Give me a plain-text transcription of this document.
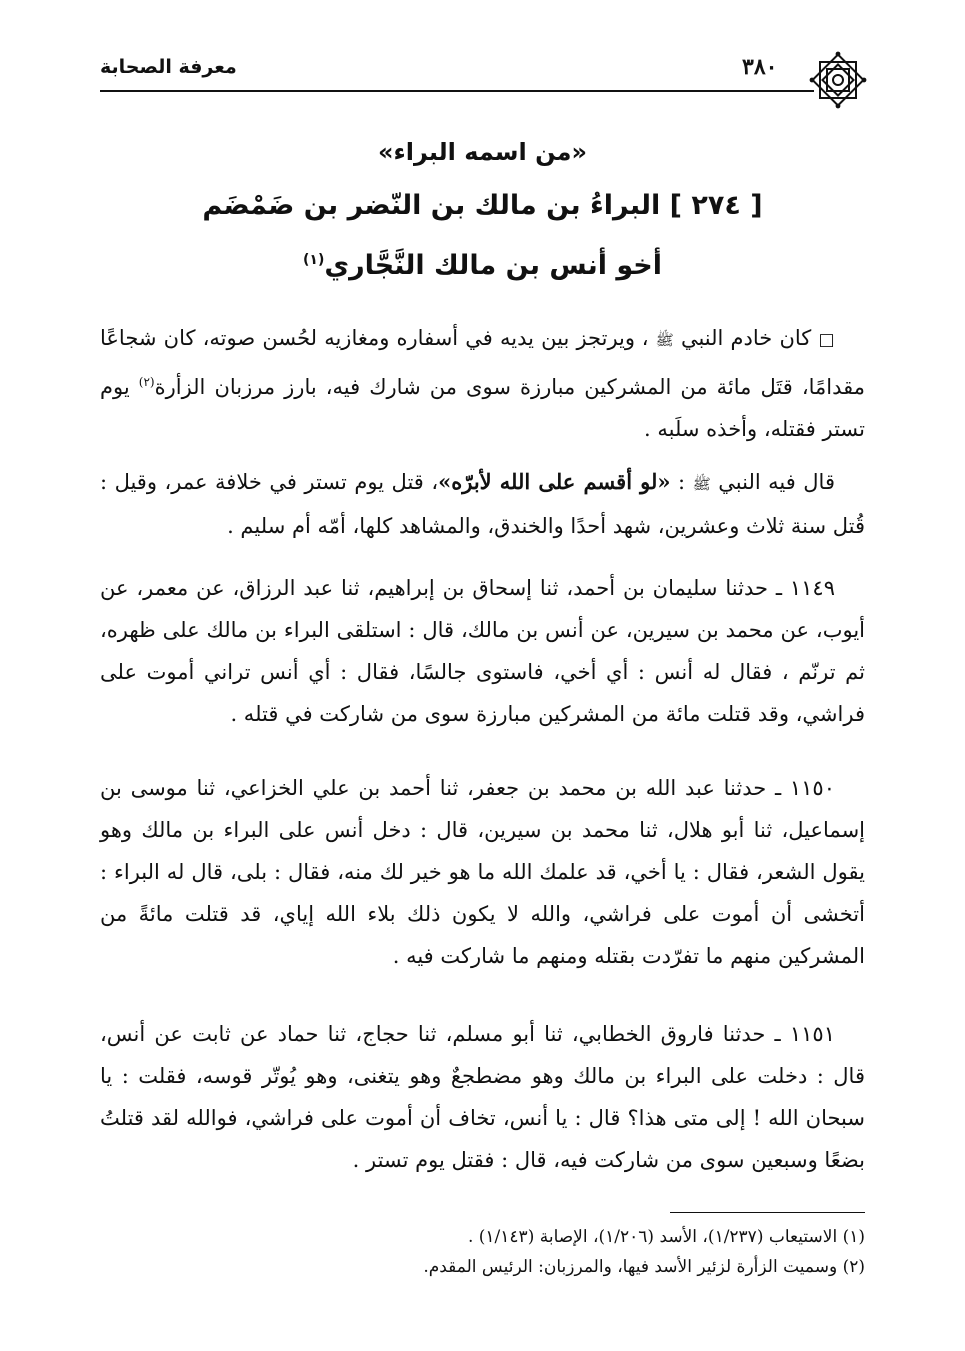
معرفة الصحابة	٣٨٠
«من اسمه البراء»
[ ٢٧٤ ] البراءُ بن مالك بن النّضر بن ضَمْضَم
أخو أنس بن مالك النَّجَّاري$^{(١)}$

□ كان خادم النبي ﷺ ، ويرتجز بين يديه في أسفاره ومغازيه لحُسن صوته، كان شجاعًا مقدامًا، قتَل مائة من المشركين مبارزة سوى من شارك فيه، بارز مرزبان الزأرة$^{(٢)}$ يوم تستر فقتله، وأخذه سلَبه .

قال فيه النبي ﷺ : «لو أقسم على الله لأبرّه»، قتل يوم تستر في خلافة عمر، وقيل : قُتل سنة ثلاث وعشرين، شهد أحدًا والخندق، والمشاهد كلها، أمّه أم سليم .

١١٤٩ ـ حدثنا سليمان بن أحمد، ثنا إسحاق بن إبراهيم، ثنا عبد الرزاق، عن معمر، عن أيوب، عن محمد بن سيرين، عن أنس بن مالك، قال : استلقى البراء بن مالك على ظهره، ثم ترنّم ، فقال له أنس : أي أخي، فاستوى جالسًا، فقال : أي أنس تراني أموت على فراشي، وقد قتلت مائة من المشركين مبارزة سوى من شاركت في قتله .

١١٥٠ ـ حدثنا عبد الله بن محمد بن جعفر، ثنا أحمد بن علي الخزاعي، ثنا موسى بن إسماعيل، ثنا أبو هلال، ثنا محمد بن سيرين، قال : دخل أنس على البراء بن مالك وهو يقول الشعر، فقال : يا أخي، قد علمك الله ما هو خير لك منه، فقال : بلى، قال له البراء : أتخشى أن أموت على فراشي، والله لا يكون ذلك بلاء الله إياي، قد قتلت مائةً من المشركين منهم ما تفرّدت بقتله ومنهم ما شاركت فيه .

١١٥١ ـ حدثنا فاروق الخطابي، ثنا أبو مسلم، ثنا حجاج، ثنا حماد عن ثابت عن أنس، قال : دخلت على البراء بن مالك وهو مضطجعٌ وهو يتغنى، وهو يُوتّر قوسه، فقلت : يا سبحان الله ! إلى متى هذا؟ قال : يا أنس، تخاف أن أموت على فراشي، فوالله لقد قتلتُ بضعًا وسبعين سوى من شاركت فيه، قال : فقتل يوم تستر .

(١) الاستيعاب (١/٢٣٧)، الأسد (١/٢٠٦)، الإصابة (١/١٤٣) .

(٢) وسميت الزأرة لزئير الأسد فيها، والمرزبان: الرئيس المقدم.
